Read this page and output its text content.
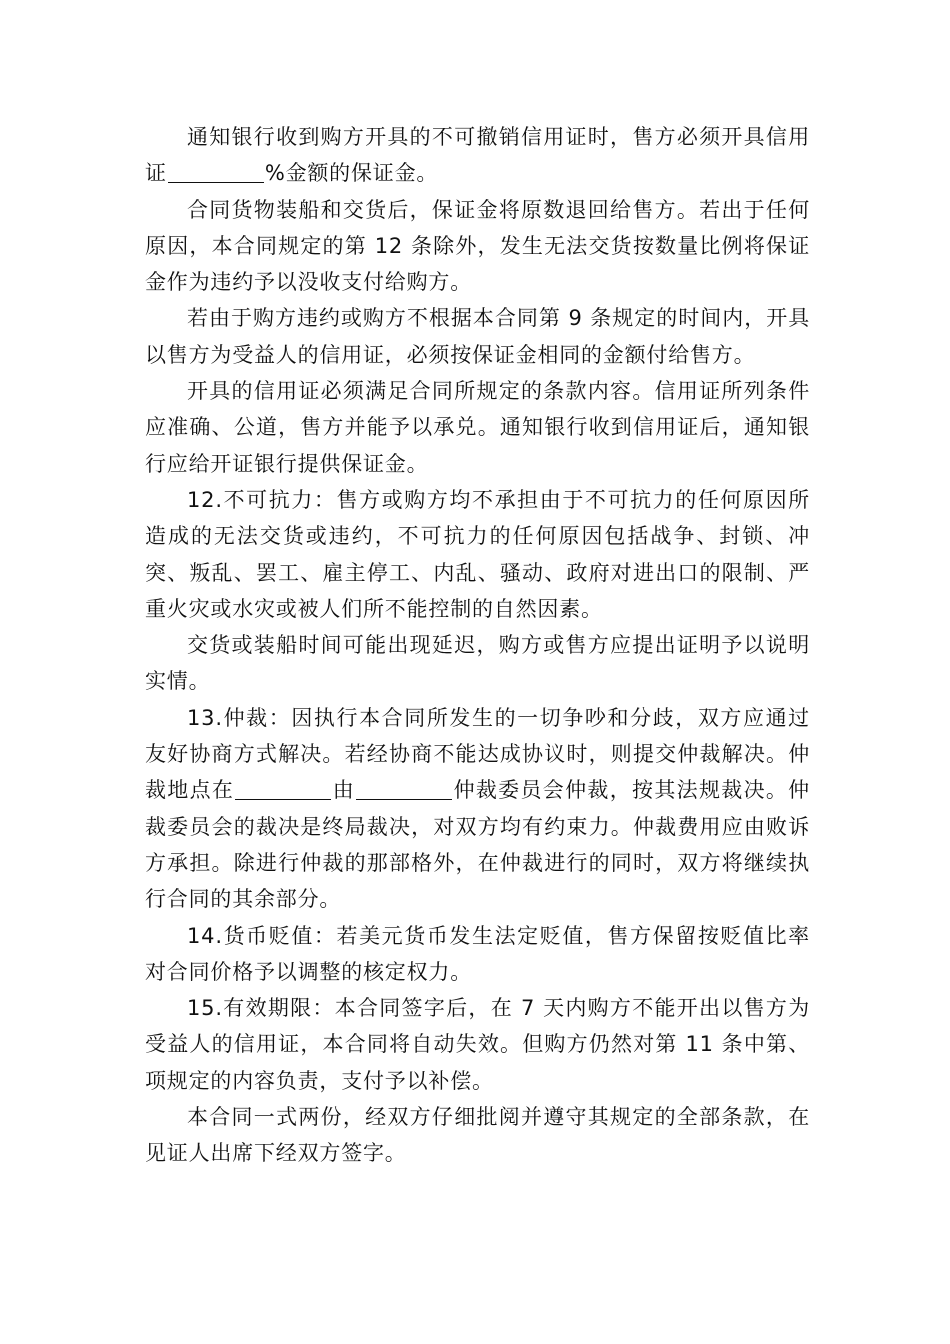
通知银行收到购方开具的不可撤销信用证时，售方必须开具信用证	%金额的保证金。

合同货物装船和交货后，保证金将原数退回给售方。若出于任何原因，本合同规定的第 12 条除外，发生无法交货按数量比例将保证金作为违约予以没收支付给购方。

若由于购方违约或购方不根据本合同第 9 条规定的时间内，开具以售方为受益人的信用证，必须按保证金相同的金额付给售方。

开具的信用证必须满足合同所规定的条款内容。信用证所列条件应准确、公道，售方并能予以承兑。通知银行收到信用证后，通知银行应给开证银行提供保证金。

12.不可抗力：售方或购方均不承担由于不可抗力的任何原因所造成的无法交货或违约，不可抗力的任何原因包括战争、封锁、冲突、叛乱、罢工、雇主停工、内乱、骚动、政府对进出口的限制、严重火灾或水灾或被人们所不能控制的自然因素。

交货或装船时间可能出现延迟，购方或售方应提出证明予以说明实情。

13.仲裁：因执行本合同所发生的一切争吵和分歧，双方应通过友好协商方式解决。若经协商不能达成协议时，则提交仲裁解决。仲裁地点在	由	仲裁委员会仲裁，按其法规裁决。仲裁委员会的裁决是终局裁决，对双方均有约束力。仲裁费用应由败诉方承担。除进行仲裁的那部格外，在仲裁进行的同时，双方将继续执行合同的其余部分。

14.货币贬值：若美元货币发生法定贬值，售方保留按贬值比率对合同价格予以调整的核定权力。

15.有效期限：本合同签字后，在 7 天内购方不能开出以售方为受益人的信用证，本合同将自动失效。但购方仍然对第 11 条中第、项规定的内容负责，支付予以补偿。

本合同一式两份，经双方仔细批阅并遵守其规定的全部条款，在见证人出席下经双方签字。
